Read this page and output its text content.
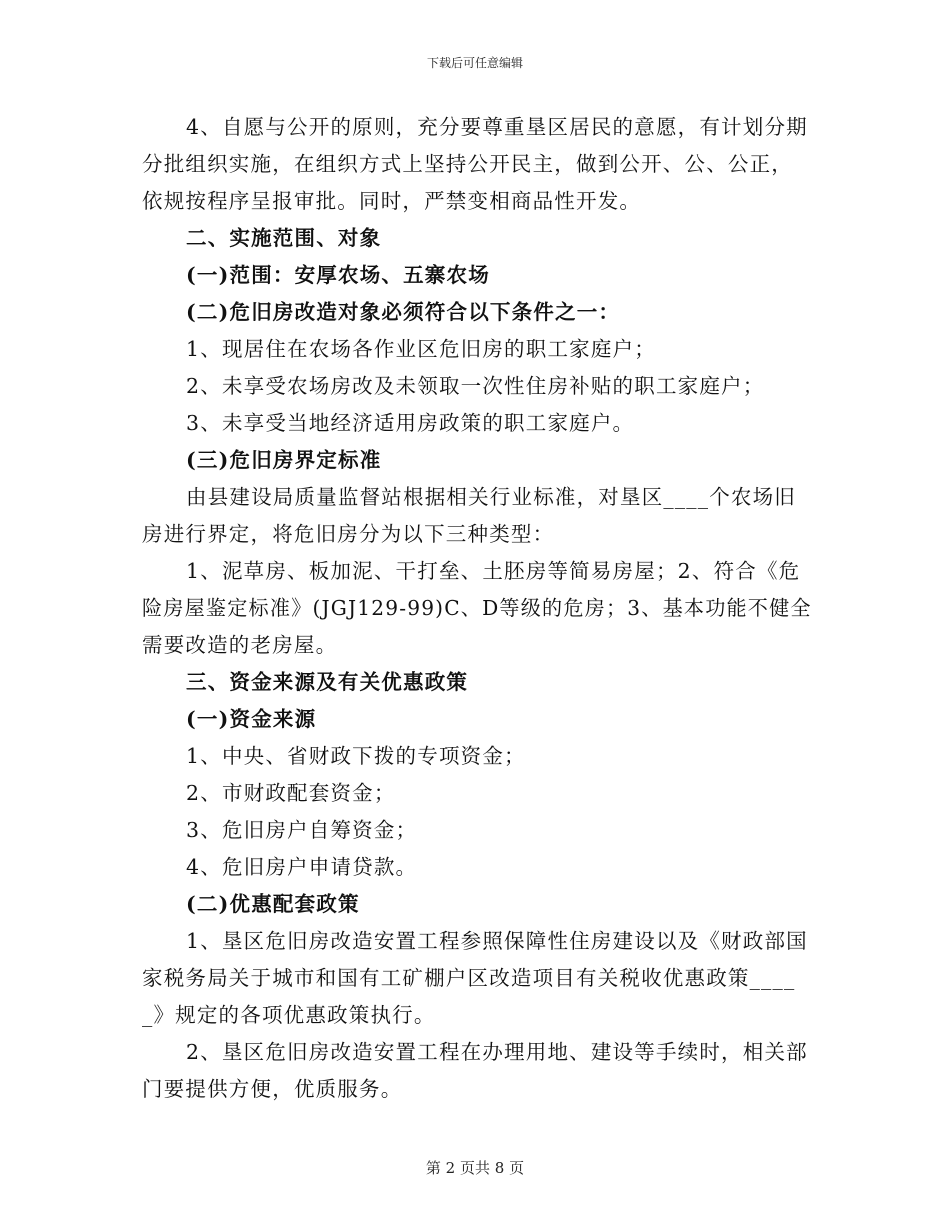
下载后可任意编辑
4、自愿与公开的原则，充分要尊重垦区居民的意愿，有计划分期
分批组织实施，在组织方式上坚持公开民主，做到公开、公、公正，
依规按程序呈报审批。同时，严禁变相商品性开发。
二、实施范围、对象
(一)范围：安厚农场、五寨农场
(二)危旧房改造对象必须符合以下条件之一：
1、现居住在农场各作业区危旧房的职工家庭户；
2、未享受农场房改及未领取一次性住房补贴的职工家庭户；
3、未享受当地经济适用房政策的职工家庭户。
(三)危旧房界定标准
由县建设局质量监督站根据相关行业标准，对垦区____个农场旧
房进行界定，将危旧房分为以下三种类型：
1、泥草房、板加泥、干打垒、土胚房等简易房屋；2、符合《危
险房屋鉴定标准》(JGJ129-99)C、D等级的危房；3、基本功能不健全
需要改造的老房屋。
三、资金来源及有关优惠政策
(一)资金来源
1、中央、省财政下拨的专项资金；
2、市财政配套资金；
3、危旧房户自筹资金；
4、危旧房户申请贷款。
(二)优惠配套政策
1、垦区危旧房改造安置工程参照保障性住房建设以及《财政部国
家税务局关于城市和国有工矿棚户区改造项目有关税收优惠政策____
_》规定的各项优惠政策执行。
2、垦区危旧房改造安置工程在办理用地、建设等手续时，相关部
门要提供方便，优质服务。
第 2 页共 8 页
